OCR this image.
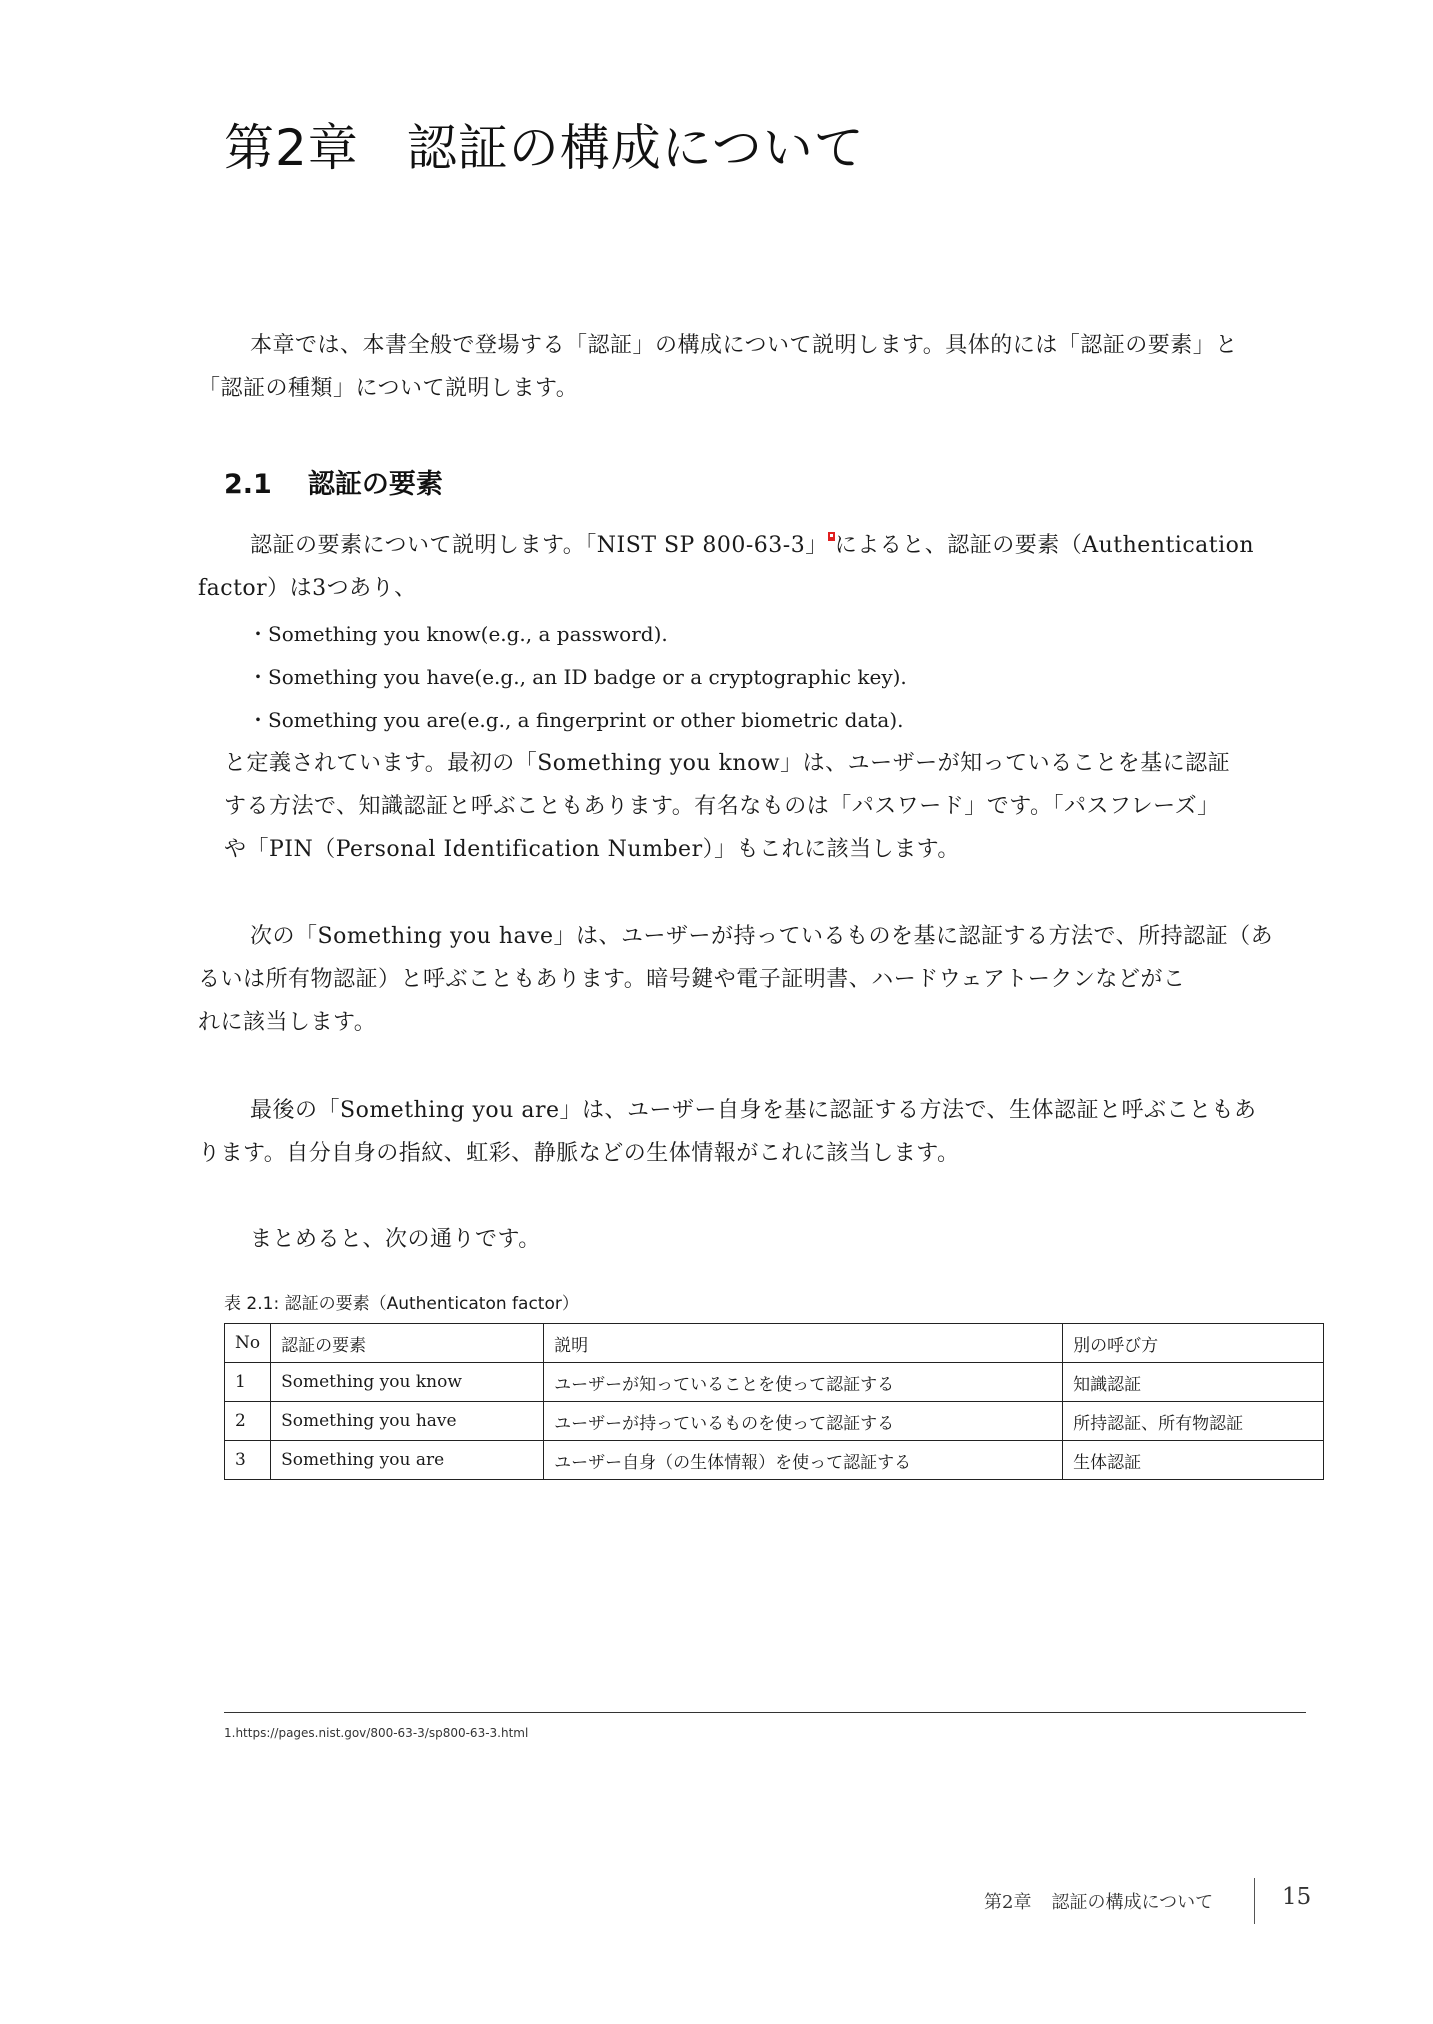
第2章 認証の構成について
本章では、本書全般で登場する「認証」の構成について説明します。具体的には「認証の要素」と
「認証の種類」について説明します。
2.1 認証の要素
認証の要素について説明します。「NIST SP 800-63-3」 によると、認証の要素（Authentication
factor）は3つあり、
・ Something you know(e.g., a password).
・ Something you have(e.g., an ID badge or a cryptographic key).
・ Something you are(e.g., a fingerprint or other biometric data).
と定義されています。最初の「Something you know」は、ユーザーが知っていることを基に認証
する方法で、知識認証と呼ぶこともあります。有名なものは「パスワード」です。「パスフレーズ」
や「PIN（Personal Identification Number）」もこれに該当します。
次の「Something you have」は、ユーザーが持っているものを基に認証する方法で、所持認証（あ
るいは所有物認証）と呼ぶこともあります。暗号鍵や電子証明書、ハードウェアトークンなどがこ
れに該当します。
最後の「Something you are」は、ユーザー自身を基に認証する方法で、生体認証と呼ぶこともあ
ります。自分自身の指紋、虹彩、静脈などの生体情報がこれに該当します。
まとめると、次の通りです。

表 2.1: 認証の要素（Authenticaton factor）

No	認証の要素	説明	別の呼び方
1	Something you know	ユーザーが知っていることを使って認証する	知識認証
2	Something you have	ユーザーが持っているものを使って認証する	所持認証、所有物認証
3	Something you are	ユーザー自身（の生体情報）を使って認証する	生体認証

1.https://pages.nist.gov/800-63-3/sp800-63-3.html

第2章 認証の構成について	15
